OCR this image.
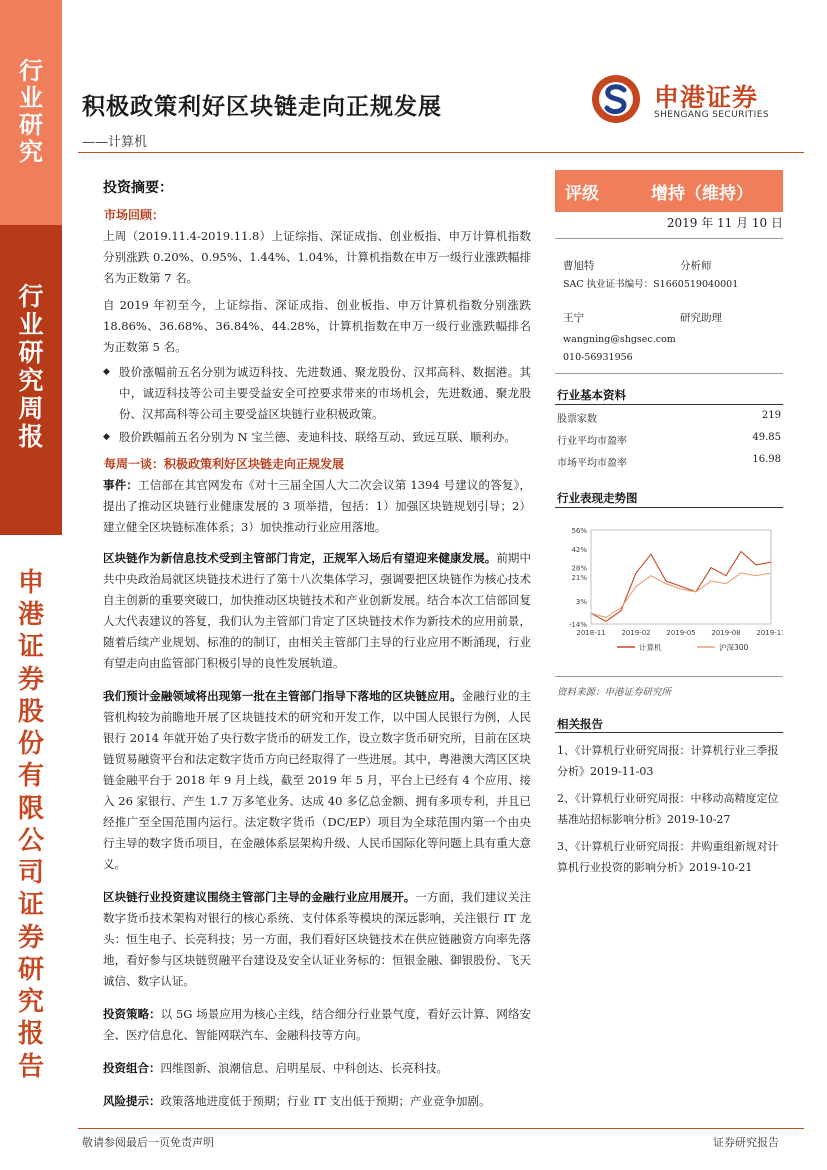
行
业
研
究
行
业
研
究
周
报
申
港
证
券
股
份
有
限
公
司
证
券
研
究
报
告
积极政策利好区块链走向正规发展
——计算机
申港证券
SHENGANG SECURITIES
投资摘要：
市场回顾：

上周（2019.11.4-2019.11.8）上证综指、深证成指、创业板指、申万计算机指数分别涨跌 0.20%、0.95%、1.44%、1.04%，计算机指数在申万一级行业涨跌幅排名为正数第 7 名。

自 2019 年初至今，上证综指、深证成指、创业板指、申万计算机指数分别涨跌 18.86%、36.68%、36.84%、44.28%，计算机指数在申万一级行业涨跌幅排名为正数第 5 名。

◆ 股价涨幅前五名分别为诚迈科技、先进数通、聚龙股份、汉邦高科、数据港。其中，诚迈科技等公司主要受益安全可控要求带来的市场机会，先进数通、聚龙股份、汉邦高科等公司主要受益区块链行业积极政策。
◆ 股价跌幅前五名分别为 N 宝兰德、麦迪科技、联络互动、致远互联、顺利办。
每周一谈：积极政策利好区块链走向正规发展

事件：工信部在其官网发布《对十三届全国人大二次会议第 1394 号建议的答复》，提出了推动区块链行业健康发展的 3 项举措，包括：1）加强区块链规划引导；2）建立健全区块链标准体系；3）加快推动行业应用落地。

区块链作为新信息技术受到主管部门肯定，正规军入场后有望迎来健康发展。前期中共中央政治局就区块链技术进行了第十八次集体学习，强调要把区块链作为核心技术自主创新的重要突破口，加快推动区块链技术和产业创新发展。结合本次工信部回复人大代表建议的答复，我们认为主管部门肯定了区块链技术作为新技术的应用前景，随着后续产业规划、标准的的制订，由相关主管部门主导的行业应用不断涌现，行业有望走向由监管部门积极引导的良性发展轨道。

我们预计金融领域将出现第一批在主管部门指导下落地的区块链应用。金融行业的主管机构较为前瞻地开展了区块链技术的研究和开发工作，以中国人民银行为例，人民银行 2014 年就开始了央行数字货币的研发工作，设立数字货币研究所，目前在区块链贸易融资平台和法定数字货币方向已经取得了一些进展。其中，粤港澳大湾区区块链金融平台于 2018 年 9 月上线，截至 2019 年 5 月，平台上已经有 4 个应用、接入 26 家银行、产生 1.7 万多笔业务、达成 40 多亿总金额、拥有多项专利，并且已经推广至全国范围内运行。法定数字货币（DC/EP）项目为全球范围内第一个由央行主导的数字货币项目，在金融体系层架构升级、人民币国际化等问题上具有重大意义。

区块链行业投资建议围绕主管部门主导的金融行业应用展开。一方面，我们建议关注数字货币技术架构对银行的核心系统、支付体系等模块的深远影响，关注银行 IT 龙头：恒生电子、长亮科技；另一方面，我们看好区块链技术在供应链融资方向率先落地，看好参与区块链贸融平台建设及安全认证业务标的：恒银金融、御银股份、飞天诚信、数字认证。

投资策略：以 5G 场景应用为核心主线，结合细分行业景气度，看好云计算、网络安全、医疗信息化、智能网联汽车、金融科技等方向。

投资组合：四维图新、浪潮信息、启明星辰、中科创达、长亮科技。

风险提示：政策落地进度低于预期；行业 IT 支出低于预期；产业竞争加剧。

评级	增持（维持）
2019 年 11 月 10 日
曹旭特	分析师
SAC 执业证书编号：S1660519040001
王宁	研究助理
wangning@shgsec.com
010-56931956
行业基本资料
股票家数	219
行业平均市盈率	49.85
市场平均市盈率	16.98
行业表现走势图
-14%
3%
21%
28%
42%
56%
2018-11 2019-02 2019-05 2019-08 2019-11
计算机	沪深300
资料来源：申港证券研究所
相关报告

1、《计算机行业研究周报：计算机行业三季报分析》2019-11-03

2、《计算机行业研究周报：中移动高精度定位基准站招标影响分析》2019-10-27

3、《计算机行业研究周报：并购重组新规对计算机行业投资的影响分析》2019-10-21

敬请参阅最后一页免责声明	证券研究报告
